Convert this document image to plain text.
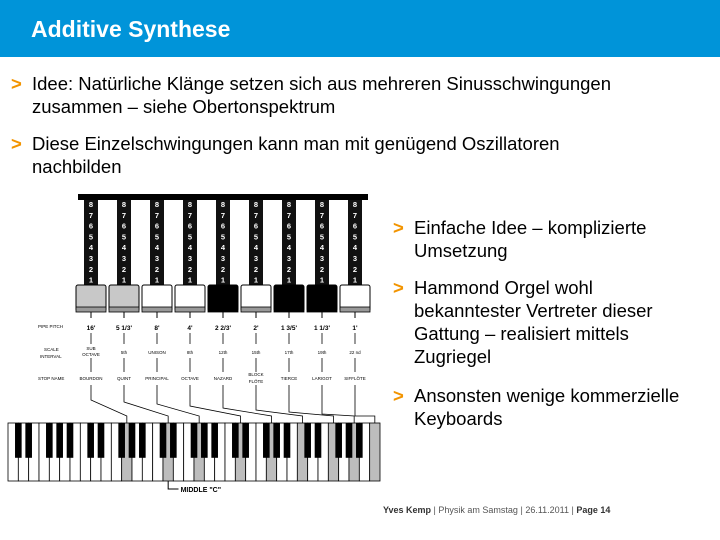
Additive Synthese
> Idee: Natürliche Klänge setzen sich aus mehreren Sinusschwingungen zusammen – siehe Obertonspektrum
> Diese Einzelschwingungen kann man mit genügend Oszillatoren nachbilden
> Einfache Idee – komplizierte Umsetzung
> Hammond Orgel wohl bekanntester Vertreter dieser Gattung – realisiert mittels Zugriegel
> Ansonsten wenige kommerzielle Keyboards
8
7
6
5
4
3
2
1
16'
SUB
OCTAVE
BOURDON
8
7
6
5
4
3
2
1
5 1/3'
5th
QUINT
8
7
6
5
4
3
2
1
8'
UNISON
PRINCIPAL
8
7
6
5
4
3
2
1
4'
8th
OCTAVE
8
7
6
5
4
3
2
1
2 2/3'
12th
NAZARD
8
7
6
5
4
3
2
1
2'
15th
BLOCK
FLÖTE
8
7
6
5
4
3
2
1
1 3/5'
17th
TIERCE
8
7
6
5
4
3
2
1
1 1/3'
19th
LARIGOT
8
7
6
5
4
3
2
1
1'
22 nd
SIFFLÖTE
PIPE PITCH
SCALE
INTERVAL
STOP NAME
MIDDLE "C"
Yves Kemp | Physik am Samstag | 26.11.2011 | Page 14
